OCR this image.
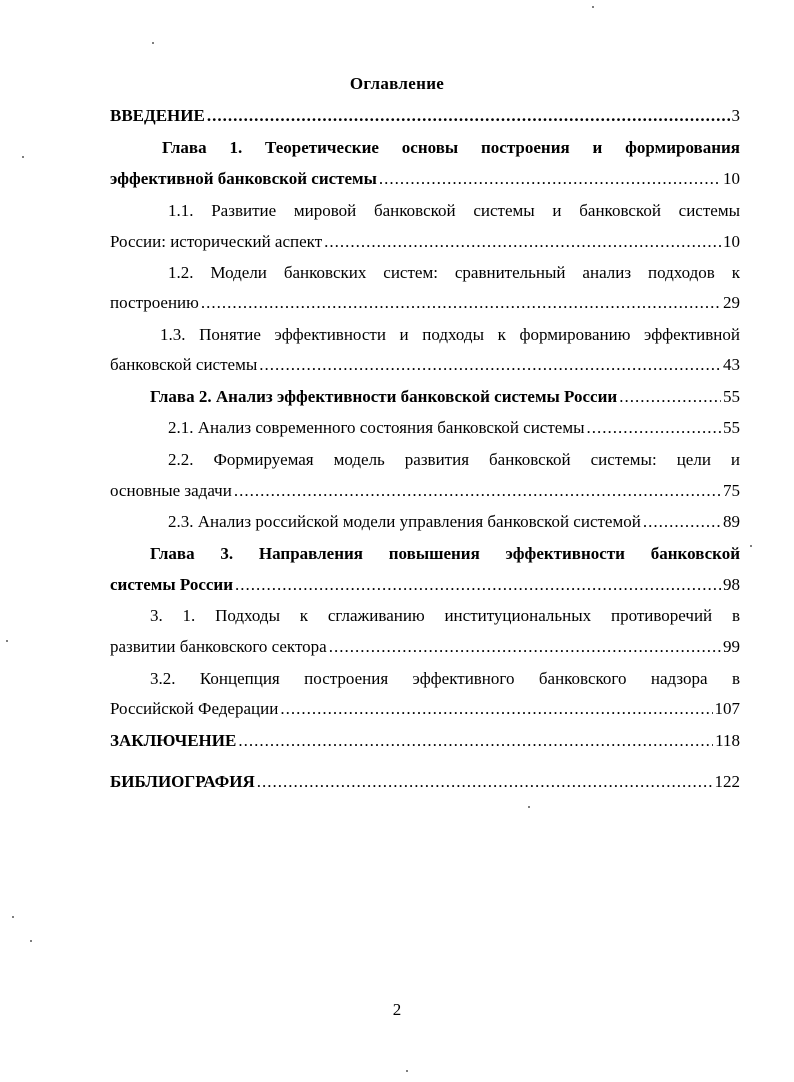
Оглавление
ВВЕДЕНИЕ .....	3
Глава 1. Теоретические основы построения и формирования
эффективной банковской системы .....	10
1.1. Развитие мировой банковской системы и банковской системы
России: исторический аспект .....	10
1.2. Модели банковских систем: сравнительный анализ подходов к
построению .....	29
1.3. Понятие эффективности и подходы к формированию эффективной
банковской системы .....	43
Глава 2. Анализ эффективности банковской системы России .....	55
2.1. Анализ современного состояния банковской системы .....	55
2.2. Формируемая модель развития банковской системы: цели и
основные задачи .....	75
2.3. Анализ российской модели управления банковской системой .....	89
Глава 3. Направления повышения эффективности банковской
системы России .....	98
3. 1. Подходы к сглаживанию институциональных противоречий в
развитии банковского сектора .....	99
3.2. Концепция построения эффективного банковского надзора в
Российской Федерации .....	107
ЗАКЛЮЧЕНИЕ .....	118
БИБЛИОГРАФИЯ .....	122
2
